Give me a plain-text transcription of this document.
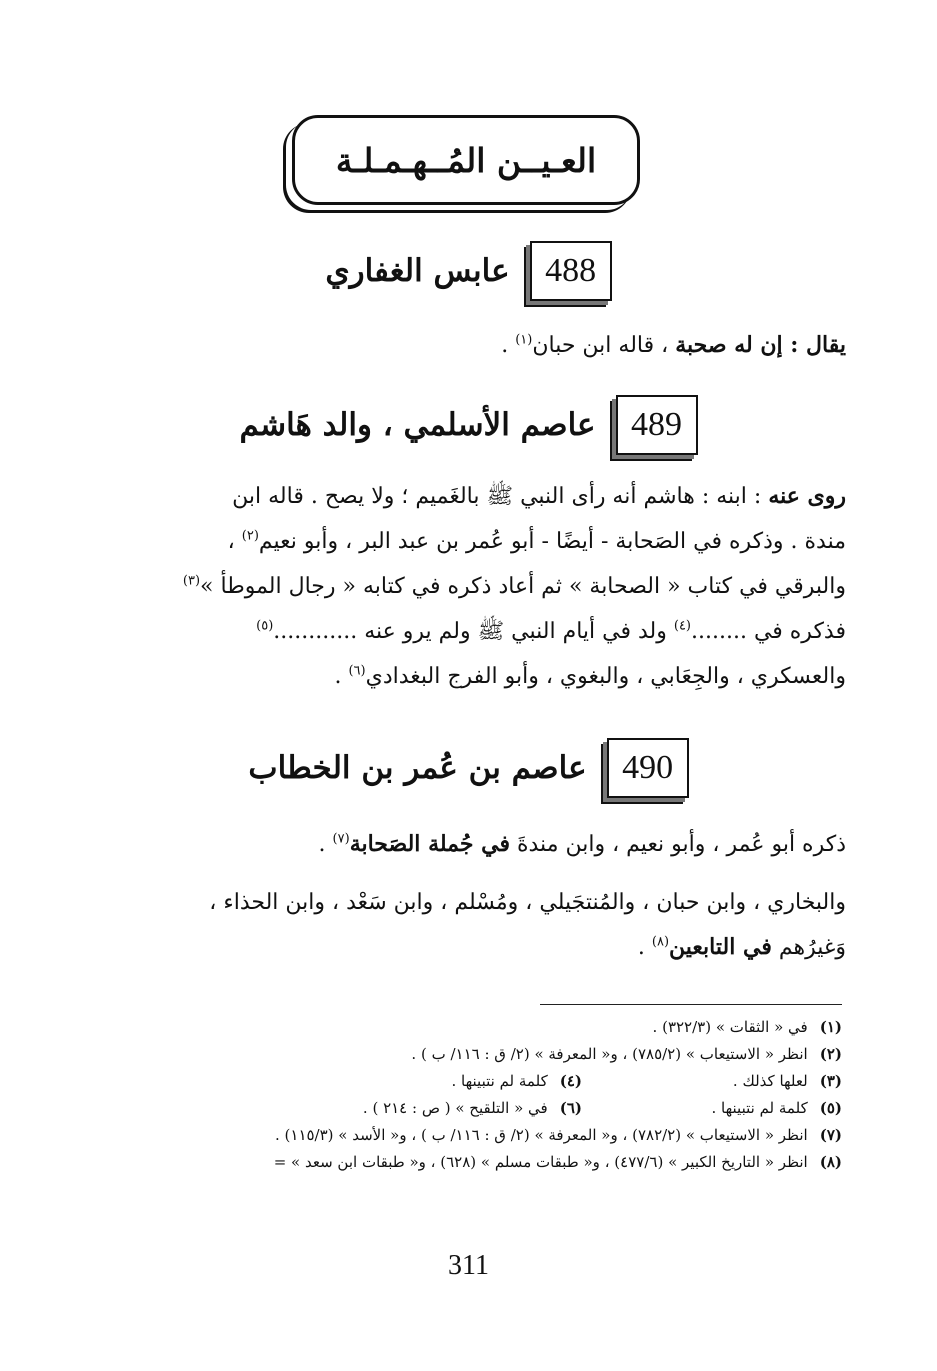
العـيــن المُــهـمـلـة
488
عابس الغفاري
يقال : إن له صحبة ، قاله ابن حبان$^{(١)}$ .
489
عاصم الأسلمي ، والد هَاشم
روى عنه : ابنه : هاشم أنه رأى النبي ﷺ بالغَميم ؛ ولا يصح . قاله ابن
مندة . وذكره في الصَحابة - أيضًا - أبو عُمر بن عبد البر ، وأبو نعيم$^{(٢)}$ ،
والبرقي في كتاب « الصحابة » ثم أعاد ذكره في كتابه « رجال الموطأ »$^{(٣)}$
فذكره في ........$^{(٤)}$ ولد في أيام النبي ﷺ ولم يرو عنه ............$^{(٥)}$
والعسكري ، والجِعَابي ، والبغوي ، وأبو الفرج البغدادي$^{(٦)}$ .
490
عاصم بن عُمر بن الخطاب
ذكره أبو عُمر ، وأبو نعيم ، وابن مندةَ في جُملة الصَحابة$^{(٧)}$ .
والبخاري ، وابن حبان ، والمُنتجَيلي ، ومُسْلم ، وابن سَعْد ، وابن الحذاء ،
وَغيرُهم في التابعين$^{(٨)}$ .
(١)في « الثقات » (٣٢٢/٣) .
(٢)انظر « الاستيعاب » (٧٨٥/٢) ، و« المعرفة » (٢/ ق : ١١٦/ ب ) .
(٣)لعلها كذلك .
(٤)كلمة لم نتبينها .
(٥)كلمة لم نتبينها .
(٦)في « التلقيح » ( ص : ٢١٤ ) .
(٧)انظر « الاستيعاب » (٧٨٢/٢) ، و« المعرفة » (٢/ ق : ١١٦/ ب ) ، و« الأسد » (١١٥/٣) .
(٨)انظر « التاريخ الكبير » (٤٧٧/٦) ، و« طبقات مسلم » (٦٢٨) ، و« طبقات ابن سعد » =
311
